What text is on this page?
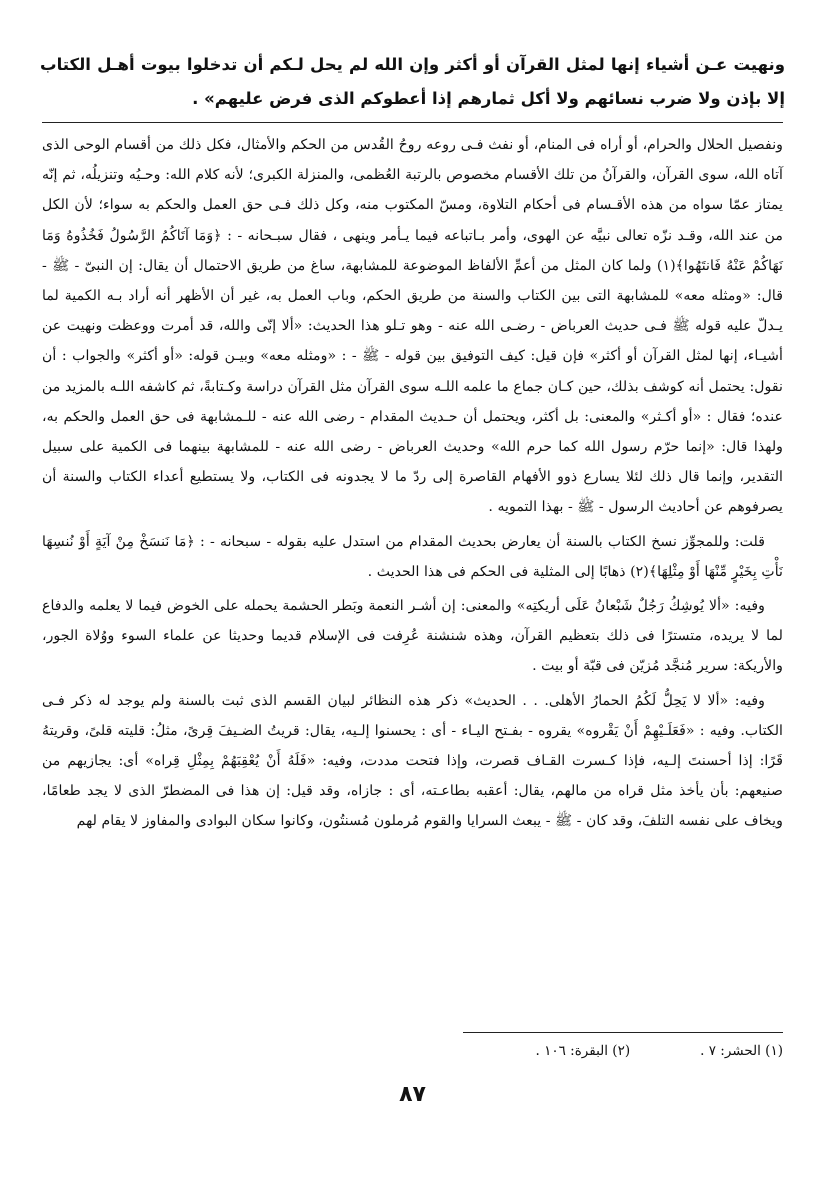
ونهيت عـن أشياء إنها لمثل القرآن أو أكثر وإن الله لم يحل لـكم أن تدخلوا بيوت أهـل الكتاب إلا بإذن ولا ضرب نسائهم ولا أكل ثمارهم إذا أعطوكم الذى فرض عليهم» .

ونفصيل الحلال والحرام، أو أراه فى المنام، أو نفث فـى روعه روحُ القُدس من الحكم والأمثال، فكل ذلك من أقسام الوحى الذى آتاه الله، سوى القرآن، والقرآنُ من تلك الأقسام مخصوص بالرتبة العُظمى، والمنزلة الكبرى؛ لأنه كلام الله: وحـيُه وتنزيلُه، ثم إنّه يمتاز عمّا سواه من هذه الأقـسام فى أحكام التلاوة، ومسّ المكتوب منه، وكل ذلك فـى حق العمل والحكم به سواء؛ لأن الكل من عند الله، وقـد نزّه تعالى نبيَّه عن الهوى، وأمر بـاتباعه فيما يـأمر وينهى ، فقال سبـحانه - : ﴿وَمَا آتَاكُمُ الرَّسُولُ فَخُذُوهُ وَمَا نَهَاكُمْ عَنْهُ فَانتَهُوا﴾(١) ولما كان المثل من أعمِّ الألفاظ الموضوعة للمشابهة، ساغ من طريق الاحتمال أن يقال: إن النبىّ - ﷺ - قال: «ومثله معه» للمشابهة التى بين الكتاب والسنة من طريق الحكم، وباب العمل به، غير أن الأظهر أنه أراد بـه الكمية لما يـدلّ عليه قوله ﷺ فـى حديث العرباض - رضـى الله عنه - وهو تـلو هذا الحديث: «ألا إنّى والله، قد أمرت ووعظت ونهيت عن أشيـاء، إنها لمثل القرآن أو أكثر» فإن قيل: كيف التوفيق بين قوله - ﷺ - : «ومثله معه» وبيـن قوله: «أو أكثر» والجواب : أن نقول: يحتمل أنه كوشف بذلك، حين كـان جماع ما علمه اللـه سوى القرآن مثل القرآن دراسة وكـتابةً، ثم كاشفه اللـه بالمزيد من عنده؛ فقال : «أو أكـثر» والمعنى: بل أكثر، ويحتمل أن حـديث المقدام - رضى الله عنه - للـمشابهة فى حق العمل والحكم به، ولهذا قال: «إنما حرّم رسول الله كما حرم الله» وحديث العرباض - رضى الله عنه - للمشابهة بينهما فى الكمية على سبيل التقدير، وإنما قال ذلك لئلا يسارع ذوو الأفهام القاصرة إلى ردّ ما لا يجدونه فى الكتاب، ولا يستطيع أعداء الكتاب والسنة أن يصرفوهم عن أحاديث الرسول - ﷺ - بهذا التمويه .

قلت: وللمجوِّز نسخ الكتاب بالسنة أن يعارض بحديث المقدام من استدل عليه بقوله - سبحانه - : ﴿مَا نَنسَخْ مِنْ آيَةٍ أَوْ نُنسِهَا نَأْتِ بِخَيْرٍ مِّنْهَا أَوْ مِثْلِهَا﴾(٢) ذهابًا إلى المثلية فى الحكم فى هذا الحديث .

وفيه: «ألا يُوشِكُ رَجُلٌ شَبْعانُ عَلَى أريكتِه» والمعنى: إن أشـر النعمة وبَطر الحشمة يحمله على الخوض فيما لا يعلمه والدفاع لما لا يريده، متسترًا فى ذلك بتعظيم القرآن، وهذه شنشنة عُرِفت فى الإسلام قديما وحديثا عن علماء السوء ووُلاة الجور، والأريكة: سرير مُنجَّد مُزيّن فى قبّة أو بيت .

وفيه: «ألا لا يَحِلُّ لَكُمُ الحمارُ الأهلى. . . الحديث» ذكر هذه النظائر لبيان القسم الذى ثبت بالسنة ولم يوجد له ذكر فـى الكتاب. وفيه : «فَعَلَـيْهِمْ أَنْ يَقْروه» يقروه - بفـتح اليـاء - أى : يحسنوا إلـيه، يقال: قريتُ الضـيفَ قِرىً، مثلُ: قليته قلىً، وقريتهُ قَرًا: إذا أحسنتَ إلـيه، فإذا كـسرت القـاف قصرت، وإذا فتحت مددت، وفيه: «فَلَهُ أَنْ يُعْقِبَهُمْ بِمِثْلِ قِراه» أى: يجازيهم من صنيعهم: بأن يأخذ مثل قراه من مالهم، يقال: أعقبه بطاعـته، أى : جازاه، وقد قيل: إن هذا فى المضطرّ الذى لا يجد طعامًا، ويخاف على نفسه التلفَ، وقد كان - ﷺ - يبعث السرايا والقوم مُرملون مُسنتُون، وكانوا سكان البوادى والمفاوز لا يقام لهم

(١) الحشر: ٧ .
(٢) البقرة: ١٠٦ .
٨٧
